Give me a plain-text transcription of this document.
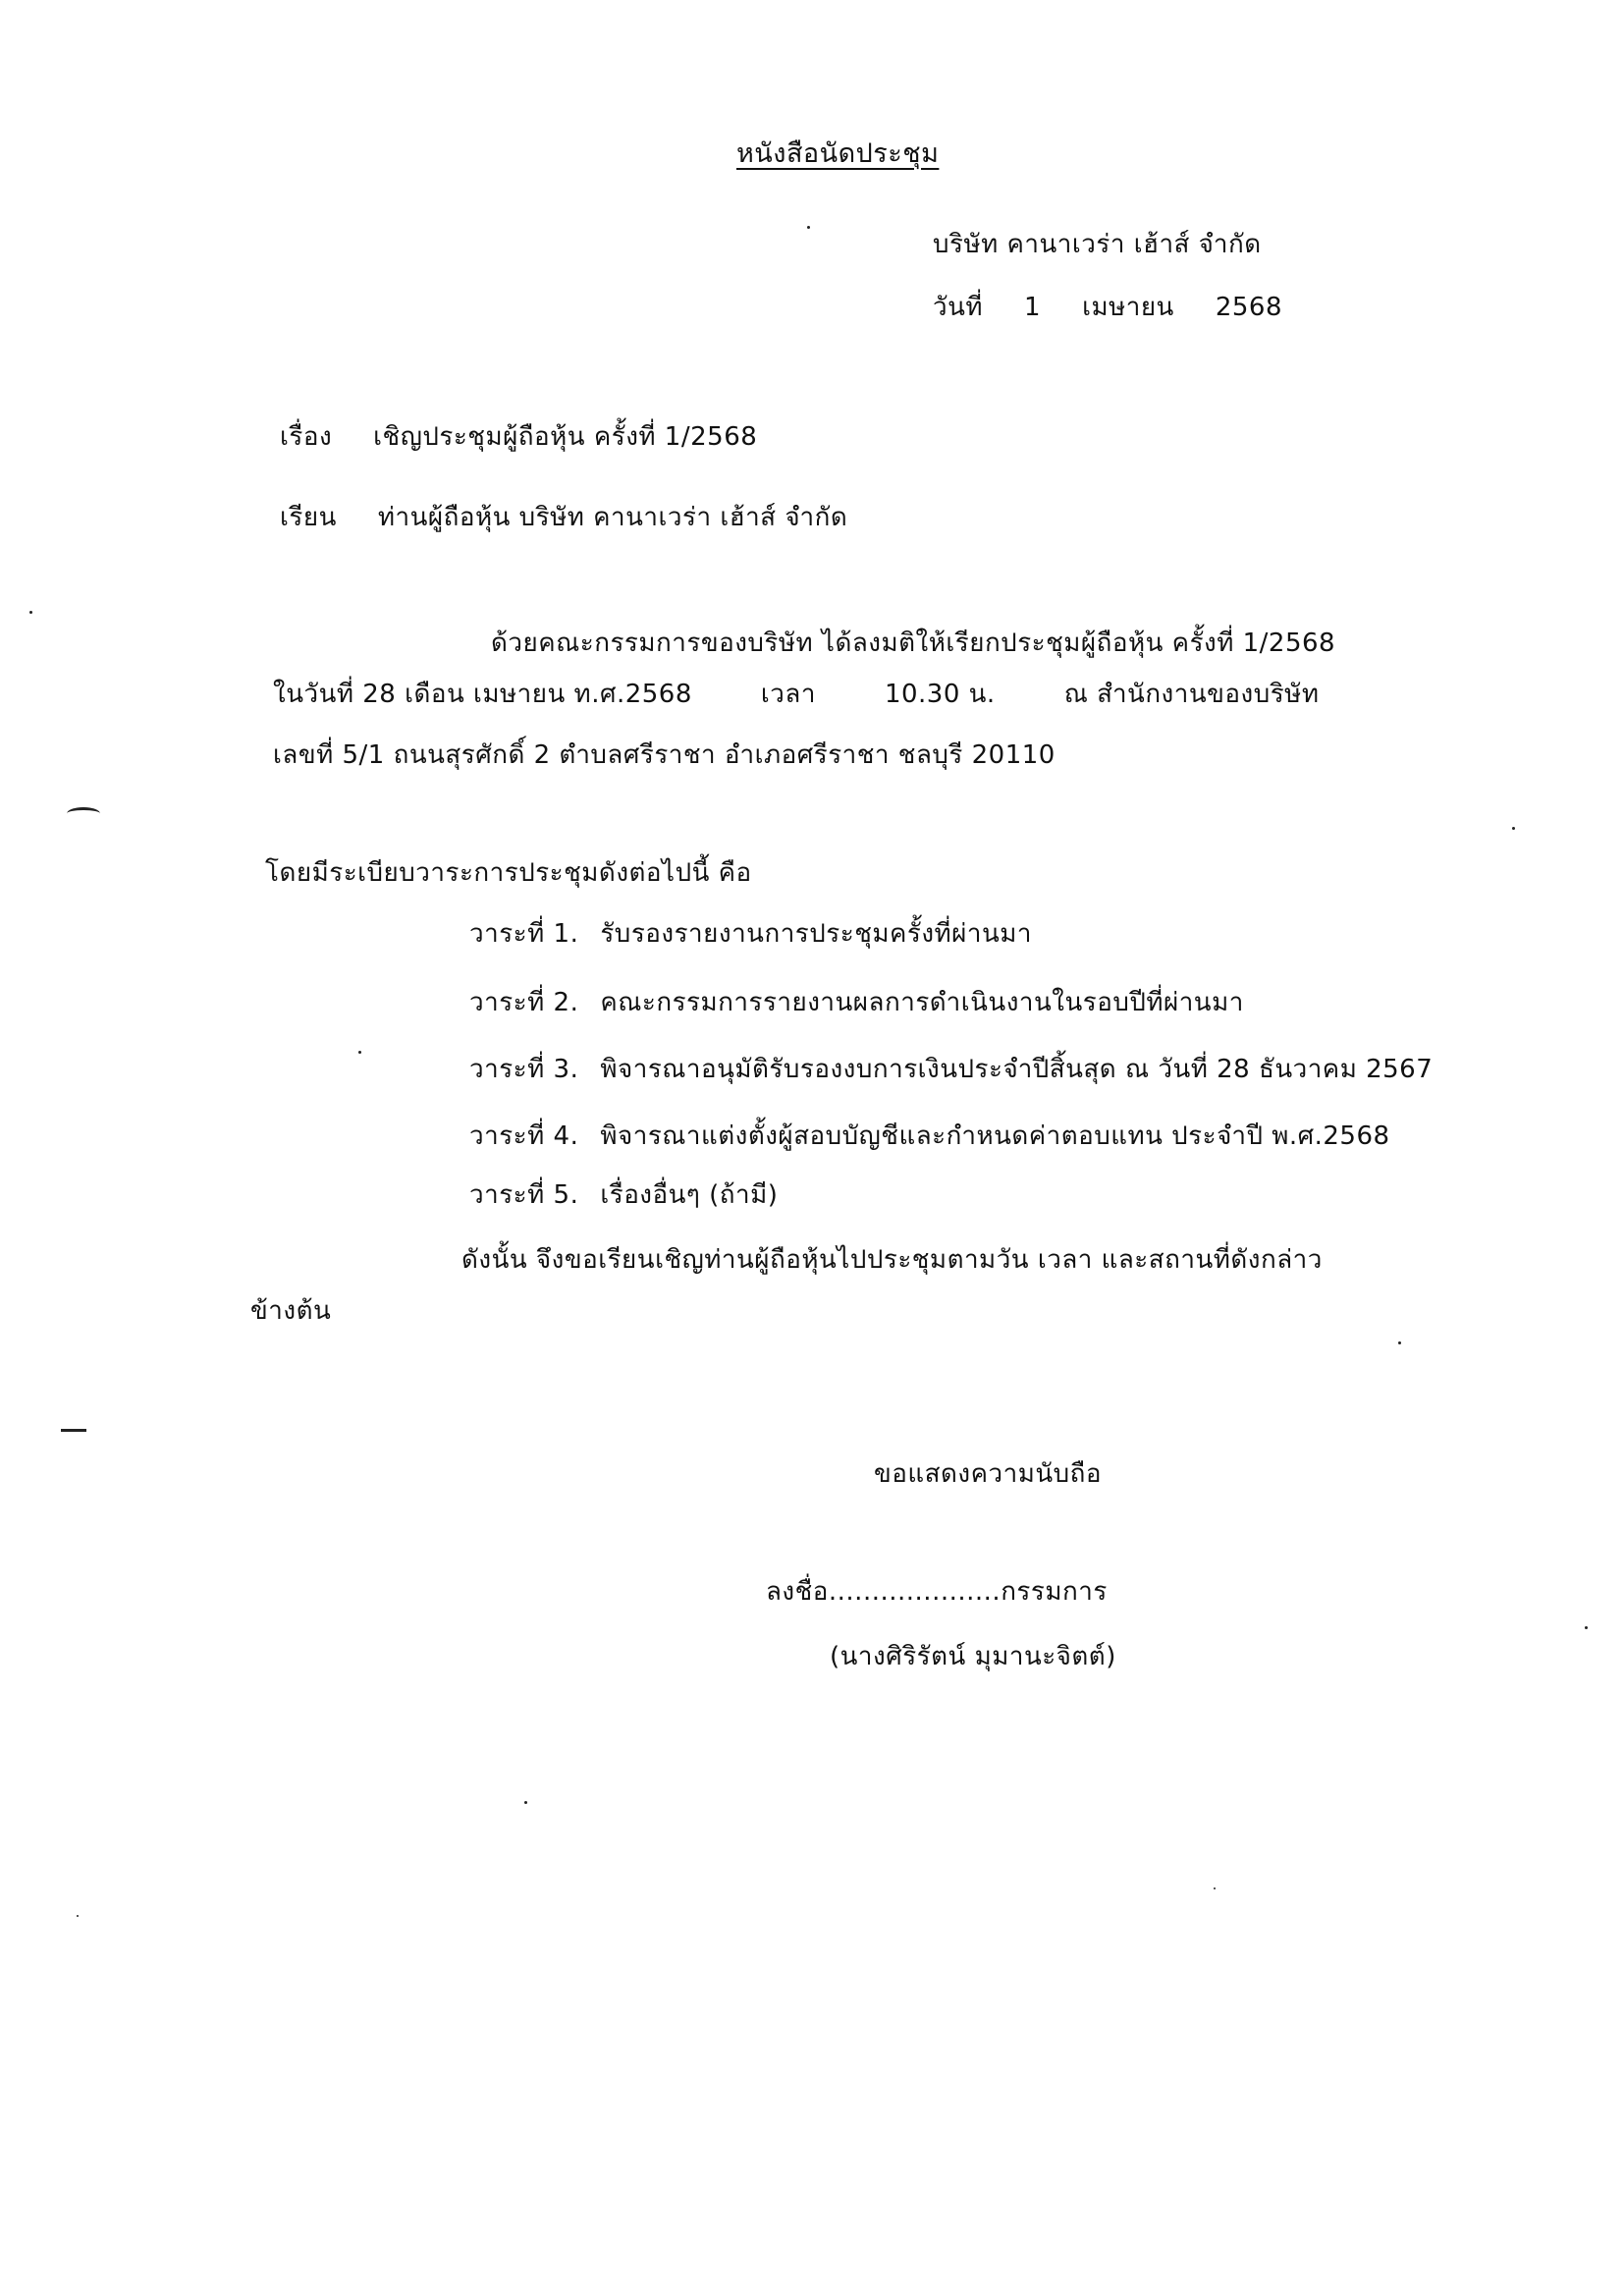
หนังสือนัดประชุม
บริษัท คานาเวร่า เฮ้าส์ จำกัด
วันที่ 1 เมษายน 2568
เรื่อง เชิญประชุมผู้ถือหุ้น ครั้งที่ 1/2568
เรียน ท่านผู้ถือหุ้น บริษัท คานาเวร่า เฮ้าส์ จำกัด
ด้วยคณะกรรมการของบริษัท ได้ลงมติให้เรียกประชุมผู้ถือหุ้น ครั้งที่ 1/2568
ในวันที่ 28 เดือน เมษายน ท.ศ.2568	เวลา	10.30 น.	ณ สำนักงานของบริษัท
เลขที่ 5/1 ถนนสุรศักดิ์ 2 ตำบลศรีราชา อำเภอศรีราชา ชลบุรี 20110
โดยมีระเบียบวาระการประชุมดังต่อไปนี้ คือ
วาระที่ 1. รับรองรายงานการประชุมครั้งที่ผ่านมา
วาระที่ 2. คณะกรรมการรายงานผลการดำเนินงานในรอบปีที่ผ่านมา
วาระที่ 3. พิจารณาอนุมัติรับรองงบการเงินประจำปีสิ้นสุด ณ วันที่ 28 ธันวาคม 2567
วาระที่ 4. พิจารณาแต่งตั้งผู้สอบบัญชีและกำหนดค่าตอบแทน ประจำปี พ.ศ.2568
วาระที่ 5. เรื่องอื่นๆ (ถ้ามี)
ดังนั้น จึงขอเรียนเชิญท่านผู้ถือหุ้นไปประชุมตามวัน เวลา และสถานที่ดังกล่าว
ข้างต้น
ขอแสดงความนับถือ
ลงชื่อ....................กรรมการ
(นางศิริรัตน์ มุมานะจิตต์)
